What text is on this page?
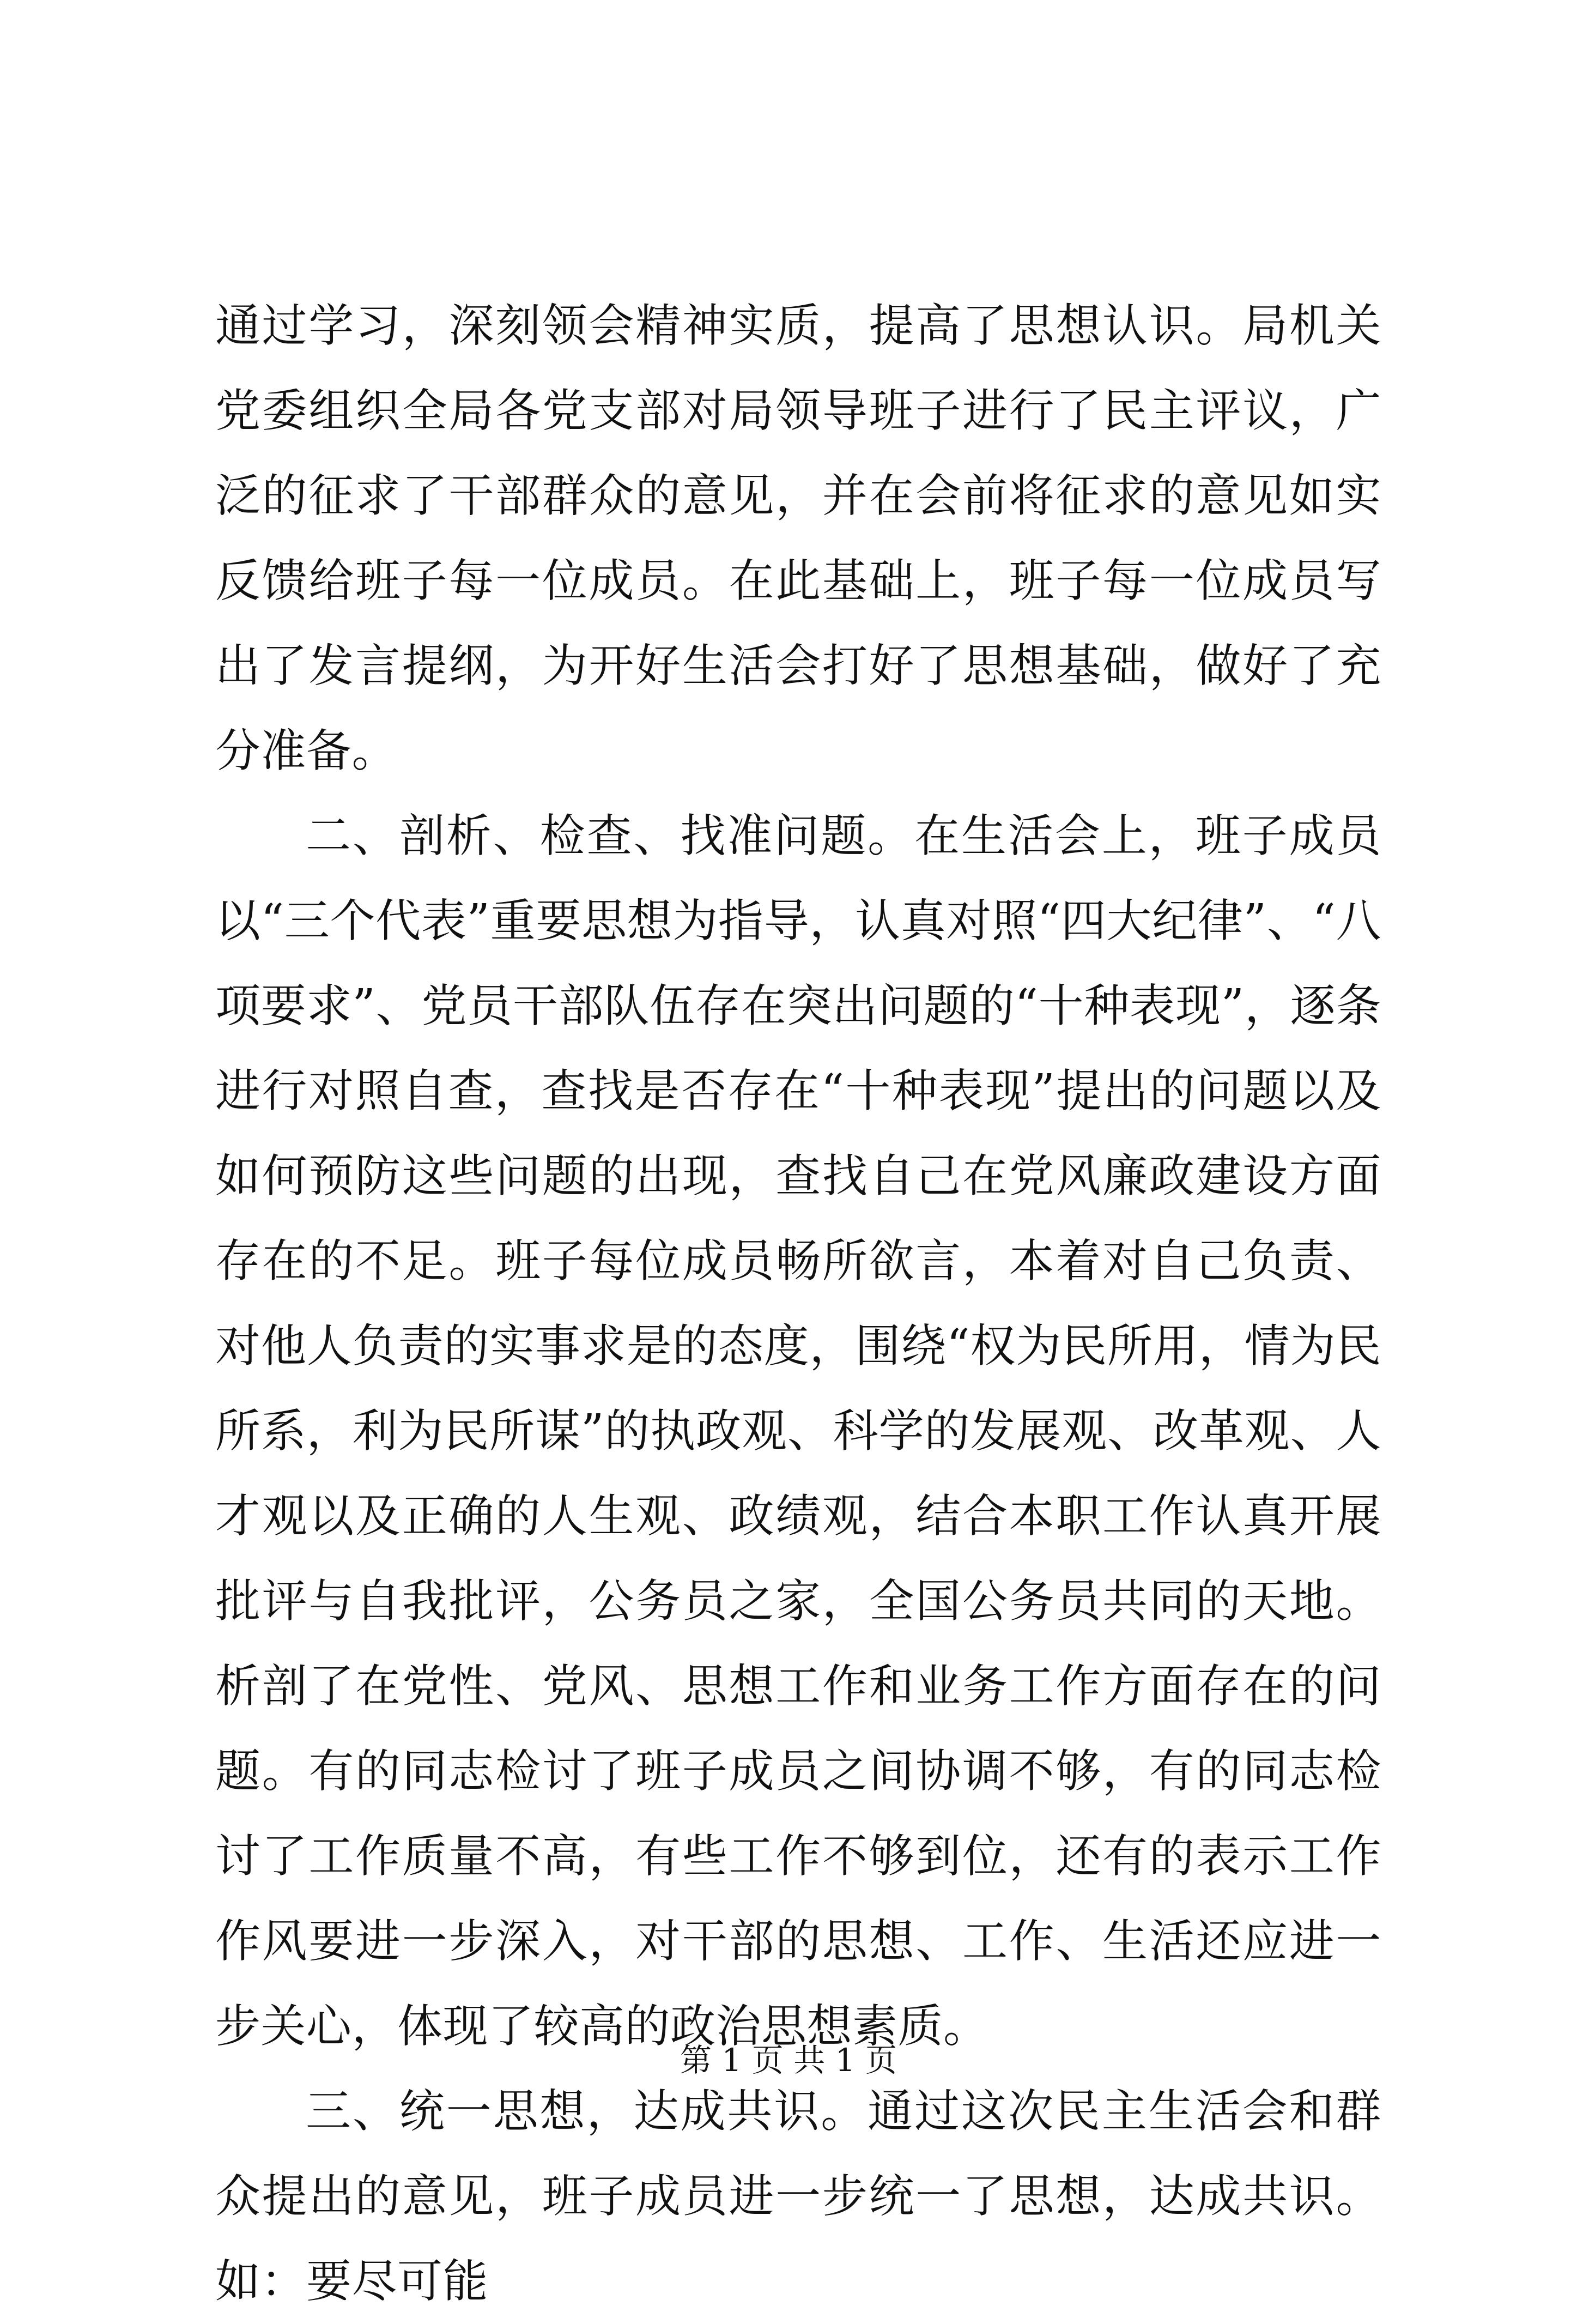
通过学习，深刻领会精神实质，提高了思想认识。局机关党委组织全局各党支部对局领导班子进行了民主评议，广泛的征求了干部群众的意见，并在会前将征求的意见如实反馈给班子每一位成员。在此基础上，班子每一位成员写出了发言提纲，为开好生活会打好了思想基础，做好了充分准备。

二、剖析、检查、找准问题。在生活会上，班子成员以“三个代表”重要思想为指导，认真对照“四大纪律”、“八项要求”、党员干部队伍存在突出问题的“十种表现”，逐条进行对照自查，查找是否存在“十种表现”提出的问题以及如何预防这些问题的出现，查找自己在党风廉政建设方面存在的不足。班子每位成员畅所欲言，本着对自己负责、对他人负责的实事求是的态度，围绕“权为民所用，情为民所系，利为民所谋”的执政观、科学的发展观、改革观、人才观以及正确的人生观、政绩观，结合本职工作认真开展批评与自我批评，公务员之家，全国公务员共同的天地。析剖了在党性、党风、思想工作和业务工作方面存在的问题。有的同志检讨了班子成员之间协调不够，有的同志检讨了工作质量不高，有些工作不够到位，还有的表示工作作风要进一步深入，对干部的思想、工作、生活还应进一步关心，体现了较高的政治思想素质。

三、统一思想，达成共识。通过这次民主生活会和群众提出的意见，班子成员进一步统一了思想，达成共识。如：要尽可能

第 1 页 共 1 页
